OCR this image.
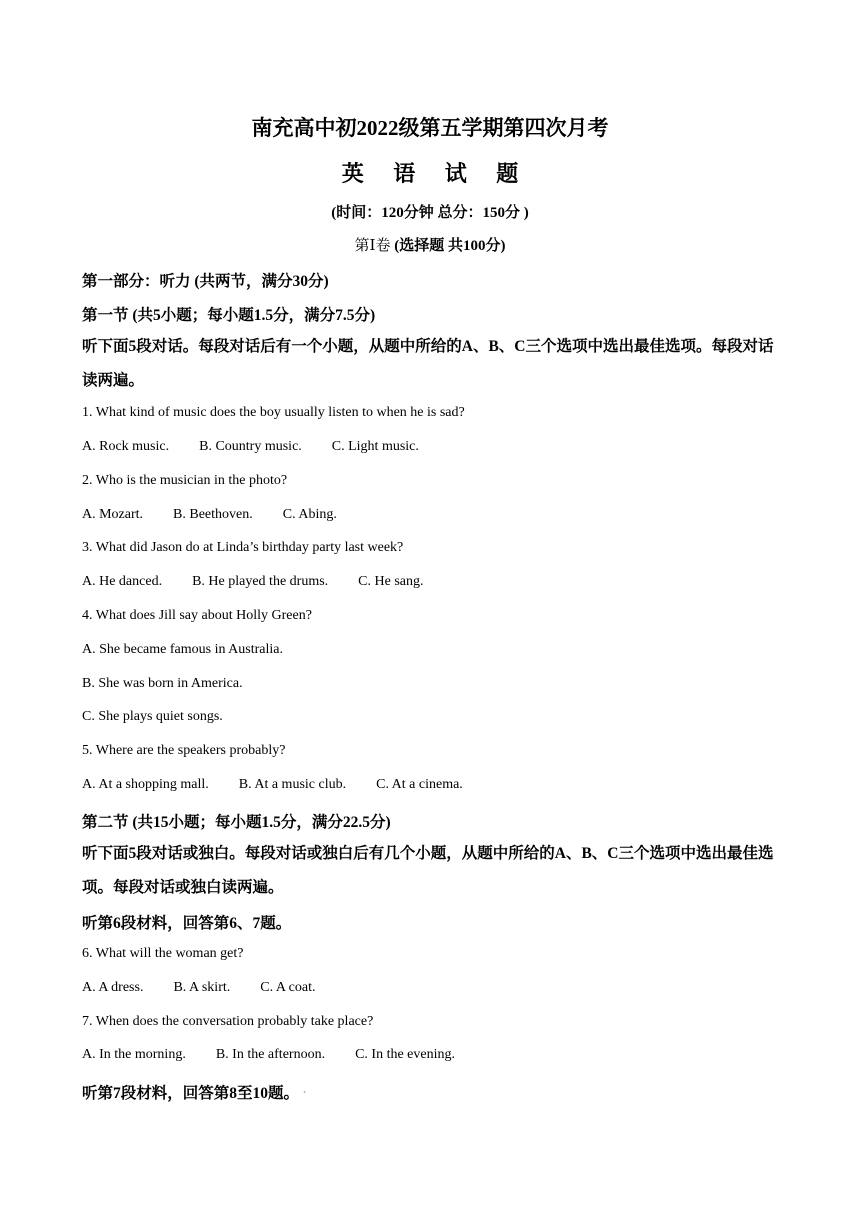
南充高中初2022级第五学期第四次月考
英 语 试 题
(时间：120分钟 总分：150分 )
第Ⅰ卷 (选择题 共100分)
第一部分：听力 (共两节，满分30分)
第一节 (共5小题；每小题1.5分，满分7.5分)
听下面5段对话。每段对话后有一个小题，从题中所给的A、B、C三个选项中选出最佳选项。每段对话读两遍。
1. What kind of music does the boy usually listen to when he is sad?
A. Rock music. B. Country music. C. Light music.
2. Who is the musician in the photo?
A. Mozart. B. Beethoven. C. Abing.
3. What did Jason do at Linda’s birthday party last week?
A. He danced. B. He played the drums. C. He sang.
4. What does Jill say about Holly Green?
A. She became famous in Australia.
B. She was born in America.
C. She plays quiet songs.
5. Where are the speakers probably?
A. At a shopping mall. B. At a music club. C. At a cinema.
第二节 (共15小题；每小题1.5分，满分22.5分)
听下面5段对话或独白。每段对话或独白后有几个小题，从题中所给的A、B、C三个选项中选出最佳选项。每段对话或独白读两遍。
听第6段材料，回答第6、7题。
6. What will the woman get?
A. A dress. B. A skirt. C. A coat.
7. When does the conversation probably take place?
A. In the morning. B. In the afternoon. C. In the evening.
听第7段材料，回答第8至10题。 ˊ
